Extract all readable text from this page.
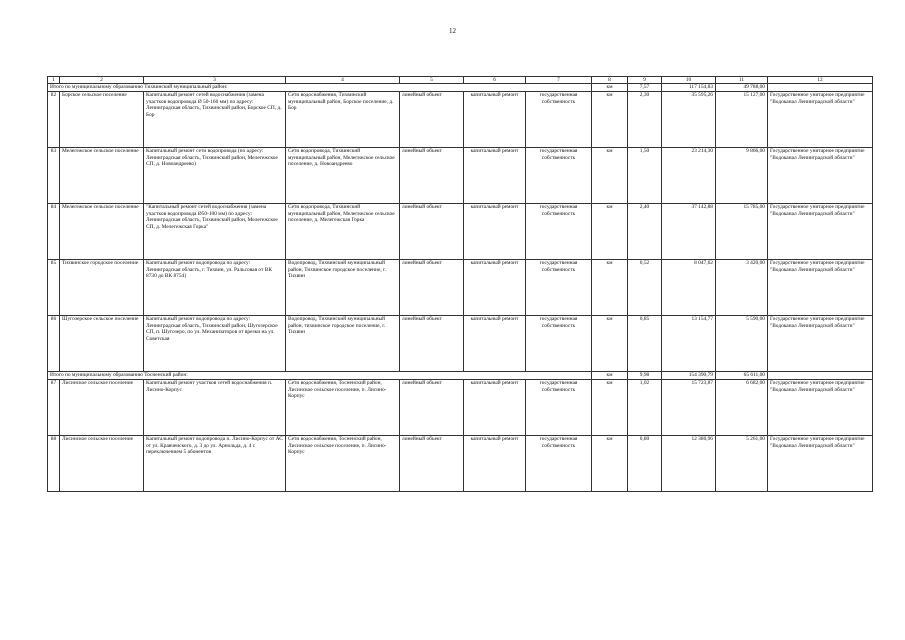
12
1	2	3	4	5	6	7	8	9	10	11	12
Итого по муниципальному образованию Тихвинский муниципальный район:							км	7,57	117 154,83	49 788,00	
82	Борское сельское поселение	Капитальный ремонт сетей водоснабжения (замена участков водопровода Ø 50-160 мм) по адресу: Ленинградская область, Тихвинский район, Борское СП, д. Бор	Сети водоснабжения, Тихвинский муниципальный район, Борское поселение, д. Бор	линейный объект	капитальный ремонт	государственная собственность	км	2,30	35 595,26	15 127,00	Государственное унитарное предприятие "Водоканал Ленинградской области"
83	Мелегежское сельское поселение	Капитальный ремонт сети водопровода (по адресу: Ленинградская область, Тихвинский район, Мелегежское СП, д. Новоандреево)	Сети водопровода, Тихвинский муниципальный район, Мелегежское сельское поселение, д. Новоандреево	линейный объект	капитальный ремонт	государственная собственность	км	1,50	23 214,30	9 866,00	Государственное унитарное предприятие "Водоканал Ленинградской области"
84	Мелегежское сельское поселение	"Капитальный ремонт сетей водоснабжения (замена участков водопровода Ø50-100 мм) по адресу: Ленинградская область, Тихвинский район, Мелегежское СП, д. Мелегежская Горка"	Сети водопровода, Тихвинский муниципальный район, Мелегежское сельское поселение, д. Мелегежская Горка	линейный объект	капитальный ремонт	государственная собственность	км	2,40	37 142,88	15 785,00	Государственное унитарное предприятие "Водоканал Ленинградской области"
85	Тихвинское городское поселение	Капитальный ремонт водопровода по адресу: Ленинградская область, г. Тихвин, ул. Ральсовая от ВК 8730 до ВК 8754)	Водопровод, Тихвинский муниципальный район, Тихвинское городское поселение, г. Тихвин	линейный объект	капитальный ремонт	государственная собственность	км	0,52	8 047,62	3 420,00	Государственное унитарное предприятие "Водоканал Ленинградской области"
86	Шугозерское сельское поселение	Капитальный ремонт водопровода по адресу: Ленинградская область, Тихвинский район, Шугозерское СП, п. Шугозеро, по ул. Механизаторов от врезки на ул. Советская	Водопровод, Тихвинский муниципальный район, тихвинское городское поселение, г. Тихвин	линейный объект	капитальный ремонт	государственная собственность	км	0,85	13 154,77	5 590,00	Государственное унитарное предприятие "Водоканал Ленинградской области"
Итого по муниципальному образованию Тосненский район:							км	9,98	154 390,79	65 611,00	
87	Лисинское сельское поселение	Капитальный ремонт участков сетей водоснабжения п. Лисино-Корпус	Сети водоснабжения, Тосненский район, Лисинское сельское поселение, п. Лисино-Корпус	линейный объект	капитальный ремонт	государственная собственность	км	1,02	15 723,87	6 682,00	Государственное унитарное предприятие "Водоканал Ленинградской области"
88	Лисинское сельское поселение	Капитальный ремонт водопровода п. Лисино-Корпус от АС от ул. Кравченского, д. 3 до ул. Арнольда, д. 4 с переключением 5 абонентов	Сети водоснабжения, Тосненский район, Лисинское сельское поселение, п. Лисино-Корпус	линейный объект	капитальный ремонт	государственная собственность	км	0,80	12 380,96	5 261,00	Государственное унитарное предприятие "Водоканал Ленинградской области"
